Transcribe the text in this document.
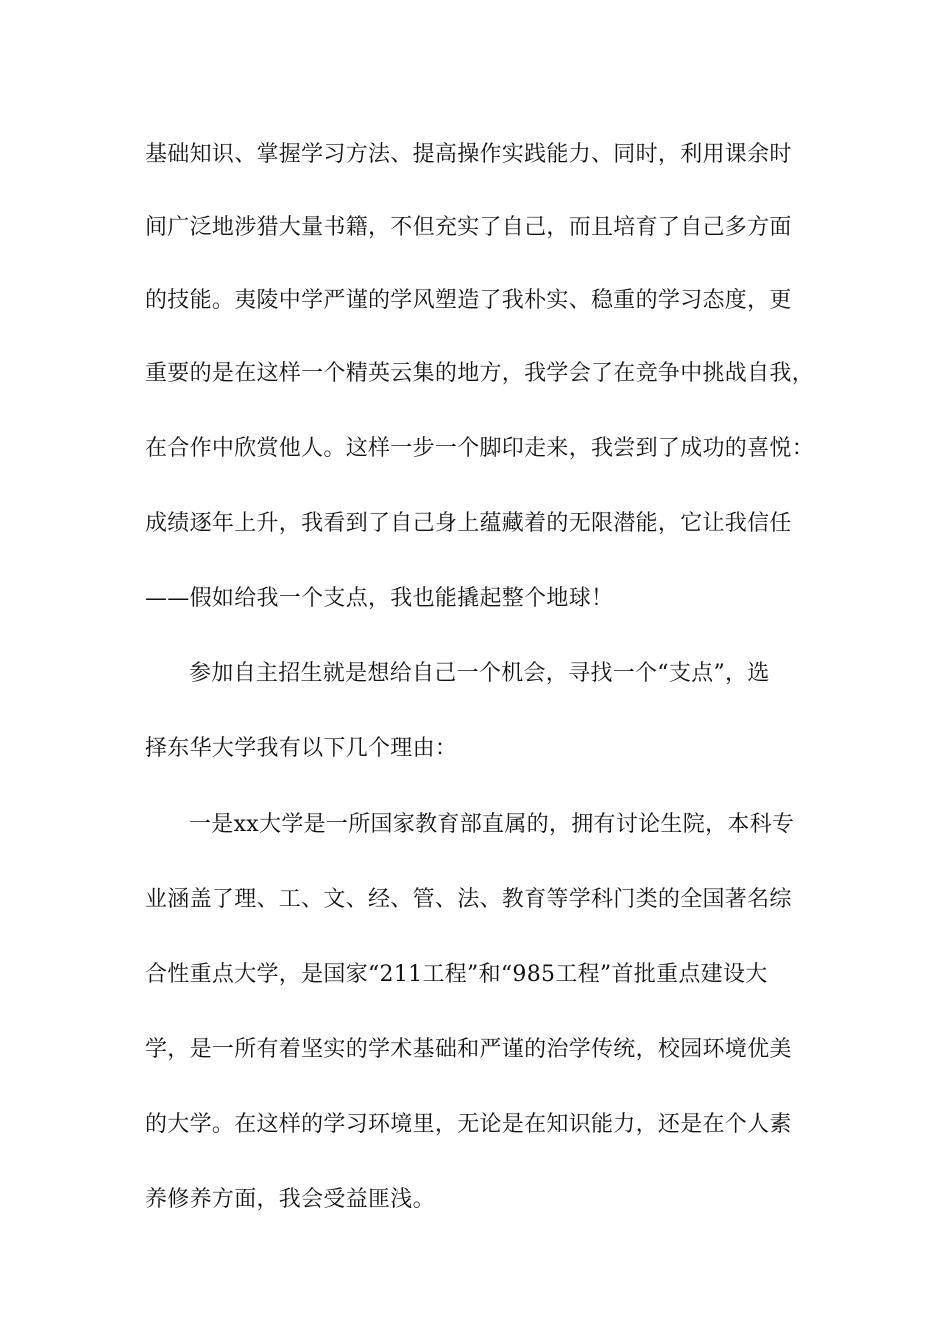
基础知识、掌握学习方法、提高操作实践能力、同时，利用课余时
间广泛地涉猎大量书籍，不但充实了自己，而且培育了自己多方面
的技能。夷陵中学严谨的学风塑造了我朴实、稳重的学习态度，更
重要的是在这样一个精英云集的地方，我学会了在竞争中挑战自我，
在合作中欣赏他人。这样一步一个脚印走来，我尝到了成功的喜悦：
成绩逐年上升，我看到了自己身上蕴藏着的无限潜能，它让我信任
——假如给我一个支点，我也能撬起整个地球！
参加自主招生就是想给自己一个机会，寻找一个“支点”，选
择东华大学我有以下几个理由：
一是xx大学是一所国家教育部直属的，拥有讨论生院，本科专
业涵盖了理、工、文、经、管、法、教育等学科门类的全国著名综
合性重点大学，是国家“211工程”和“985工程”首批重点建设大
学，是一所有着坚实的学术基础和严谨的治学传统，校园环境优美
的大学。在这样的学习环境里，无论是在知识能力，还是在个人素
养修养方面，我会受益匪浅。
